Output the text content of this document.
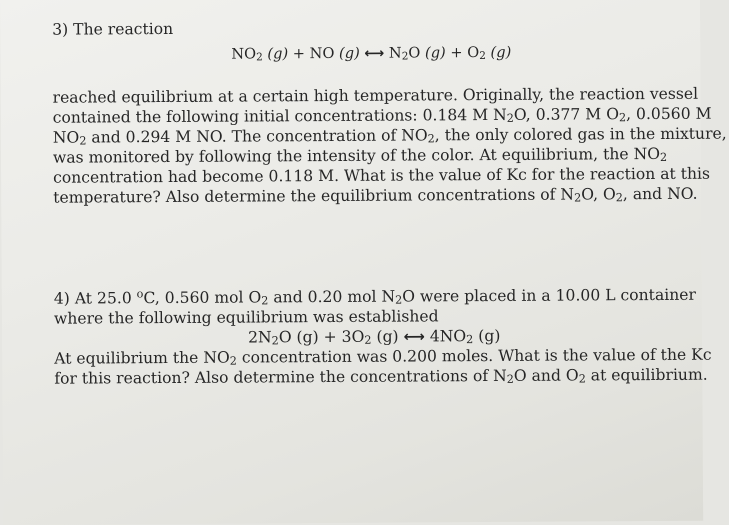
3) The reaction
$NO_2$ (g) + NO (g) ⟷ $N_2O$ $(g) + O_2$ (g)
reached equilibrium at a certain high temperature. Originally, the reaction vessel
contained the following initial concentrations: 0.184 M $N_2O$, 0.377 M $O_2$, 0.0560 M
$NO_2$ and 0.294 M NO. The concentration of $NO_2$, the only colored gas in the mixture,
was monitored by following the intensity of the color. At equilibrium, the $NO_2$
concentration had become 0.118 M. What is the value of Kc for the reaction at this
temperature? Also determine the equilibrium concentrations of $N_2O$, $O_2$, and NO.
4) At 25.0 $^o$C, 0.560 mol $O_2$ and 0.20 mol $N_2O$ were placed in a 10.00 L container
where the following equilibrium was established
$2N_2O$ $(g) + 3O_2$ (g) ⟷ $4NO_2$ (g)
At equilibrium the $NO_2$ concentration was 0.200 moles. What is the value of the Kc
for this reaction? Also determine the concentrations of $N_2O$ and $O_2$ at equilibrium.
